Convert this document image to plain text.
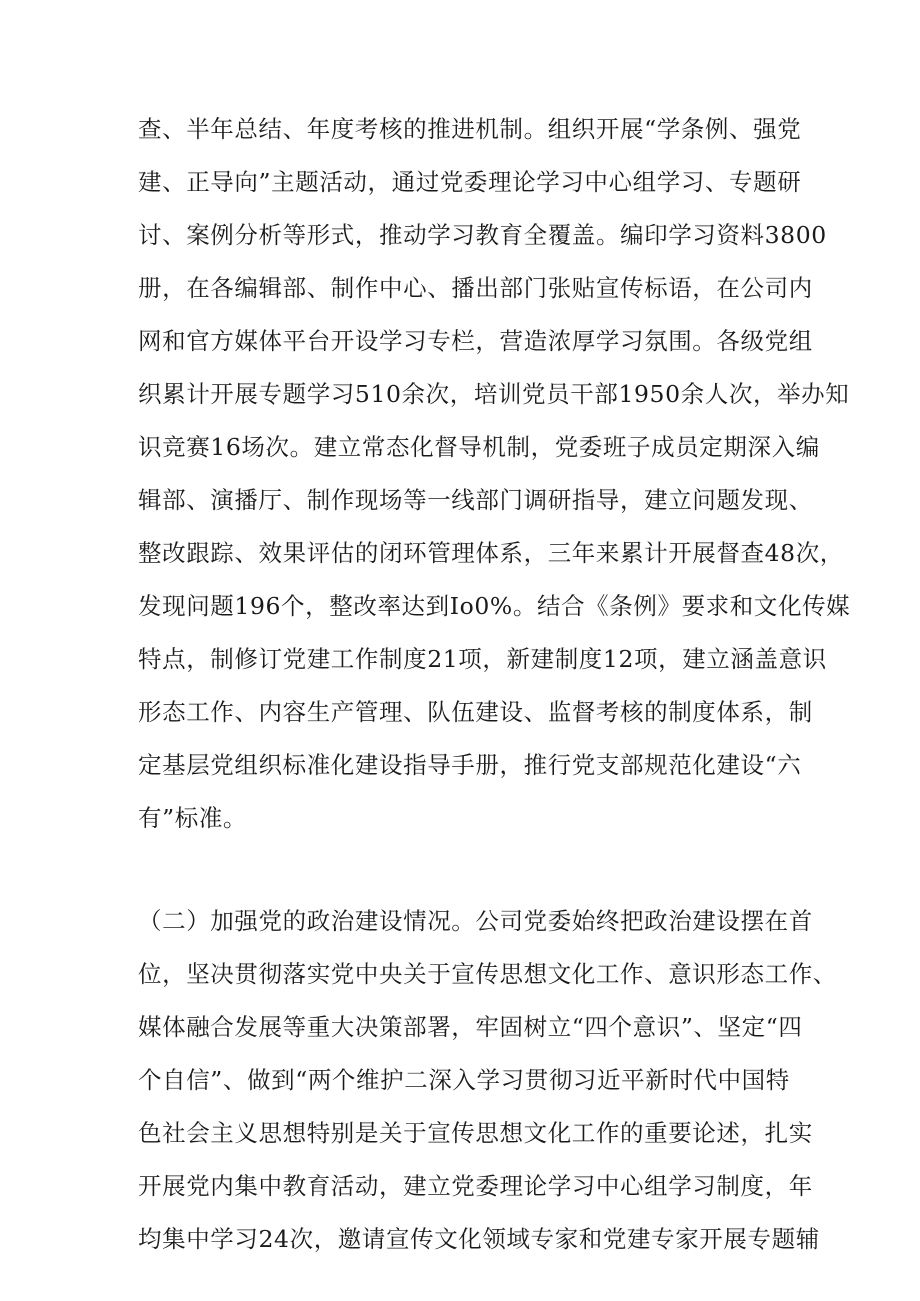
查、半年总结、年度考核的推进机制。组织开展“学条例、强党
建、正导向”主题活动，通过党委理论学习中心组学习、专题研
讨、案例分析等形式，推动学习教育全覆盖。编印学习资料3800
册，在各编辑部、制作中心、播出部门张贴宣传标语，在公司内
网和官方媒体平台开设学习专栏，营造浓厚学习氛围。各级党组
织累计开展专题学习510余次，培训党员干部1950余人次，举办知
识竞赛16场次。建立常态化督导机制，党委班子成员定期深入编
辑部、演播厅、制作现场等一线部门调研指导，建立问题发现、
整改跟踪、效果评估的闭环管理体系，三年来累计开展督查48次，
发现问题196个，整改率达到Io0%。结合《条例》要求和文化传媒
特点，制修订党建工作制度21项，新建制度12项，建立涵盖意识
形态工作、内容生产管理、队伍建设、监督考核的制度体系，制
定基层党组织标准化建设指导手册，推行党支部规范化建设“六
有”标准。
（二）加强党的政治建设情况。公司党委始终把政治建设摆在首
位，坚决贯彻落实党中央关于宣传思想文化工作、意识形态工作、
媒体融合发展等重大决策部署，牢固树立“四个意识”、坚定“四
个自信”、做到“两个维护二深入学习贯彻习近平新时代中国特
色社会主义思想特别是关于宣传思想文化工作的重要论述，扎实
开展党内集中教育活动，建立党委理论学习中心组学习制度，年
均集中学习24次，邀请宣传文化领域专家和党建专家开展专题辅
